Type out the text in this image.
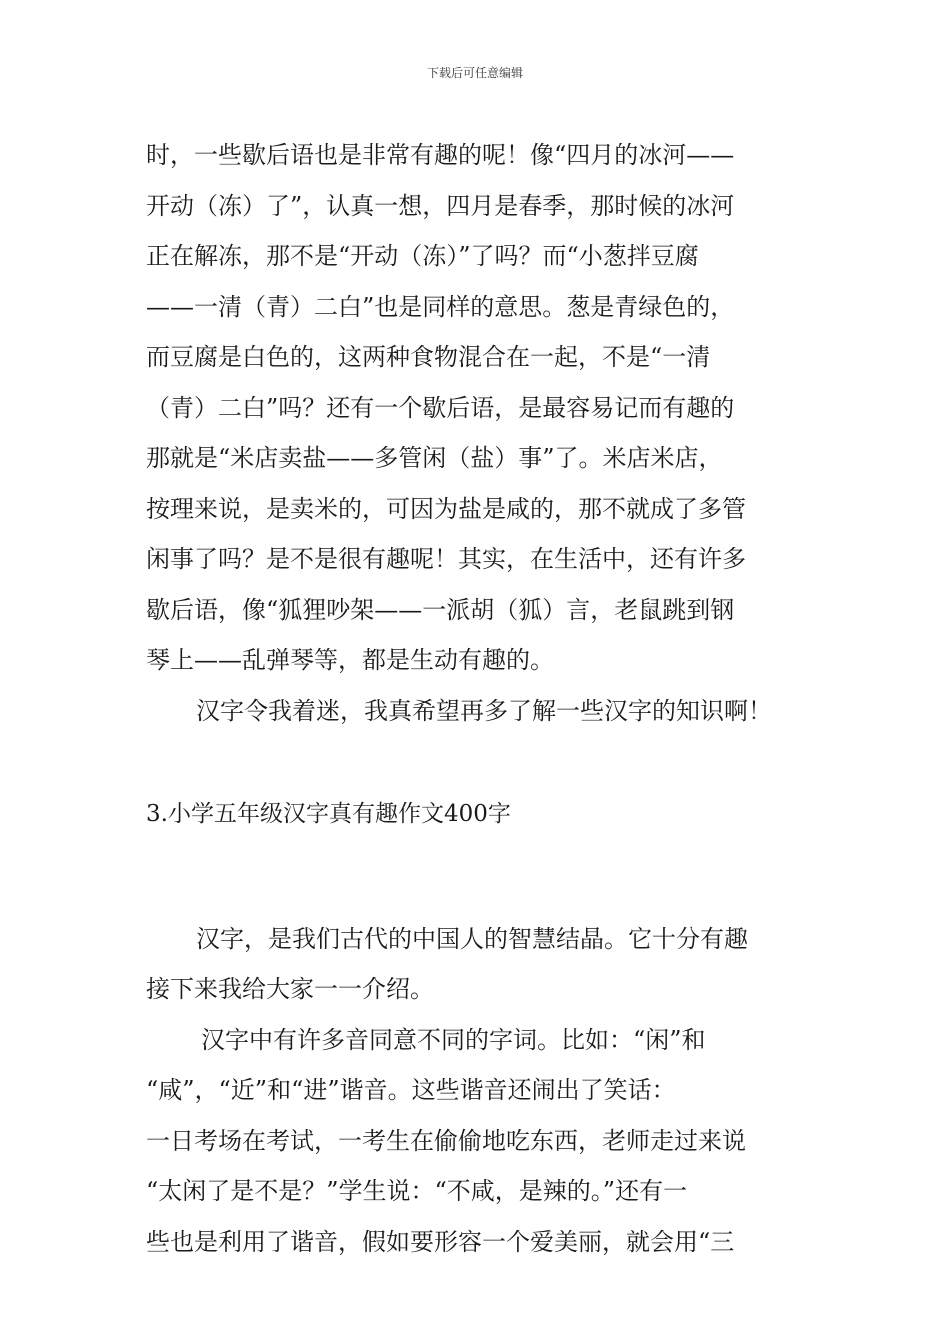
下载后可任意编辑
时，一些歇后语也是非常有趣的呢！像“四月的冰河——
开动（冻）了”，认真一想，四月是春季，那时候的冰河
正在解冻，那不是“开动（冻）”了吗？而“小葱拌豆腐
——一清（青）二白”也是同样的意思。葱是青绿色的，
而豆腐是白色的，这两种食物混合在一起，不是“一清
（青）二白”吗？还有一个歇后语，是最容易记而有趣的
那就是“米店卖盐——多管闲（盐）事”了。米店米店，
按理来说，是卖米的，可因为盐是咸的，那不就成了多管
闲事了吗？是不是很有趣呢！其实，在生活中，还有许多
歇后语，像“狐狸吵架——一派胡（狐）言，老鼠跳到钢
琴上——乱弹琴等，都是生动有趣的。
汉字令我着迷，我真希望再多了解一些汉字的知识啊！
3.小学五年级汉字真有趣作文400字
汉字，是我们古代的中国人的智慧结晶。它十分有趣
接下来我给大家一一介绍。
汉字中有许多音同意不同的字词。比如：“闲”和
“咸”，“近”和“进”谐音。这些谐音还闹出了笑话：
一日考场在考试，一考生在偷偷地吃东西，老师走过来说
“太闲了是不是？”学生说：“不咸，是辣的。”还有一
些也是利用了谐音，假如要形容一个爱美丽，就会用“三
